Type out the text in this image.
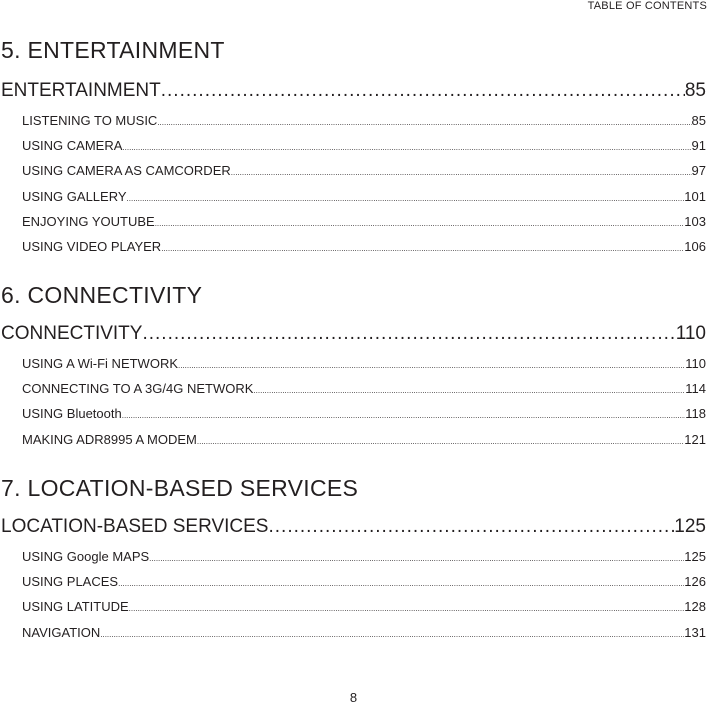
TABLE OF CONTENTS
5. ENTERTAINMENT
ENTERTAINMENT .....	85
LISTENING TO MUSIC .....	85
USING CAMERA .....	91
USING CAMERA AS CAMCORDER .....	97
USING GALLERY .....	101
ENJOYING YOUTUBE .....	103
USING VIDEO PLAYER .....	106
6. CONNECTIVITY
CONNECTIVITY .....	110
USING A Wi-Fi NETWORK .....	110
CONNECTING TO A 3G/4G NETWORK .....	114
USING Bluetooth .....	118
MAKING ADR8995 A MODEM .....	121
7. LOCATION-BASED SERVICES
LOCATION-BASED SERVICES .....	125
USING Google MAPS .....	125
USING PLACES .....	126
USING LATITUDE .....	128
NAVIGATION .....	131
8
